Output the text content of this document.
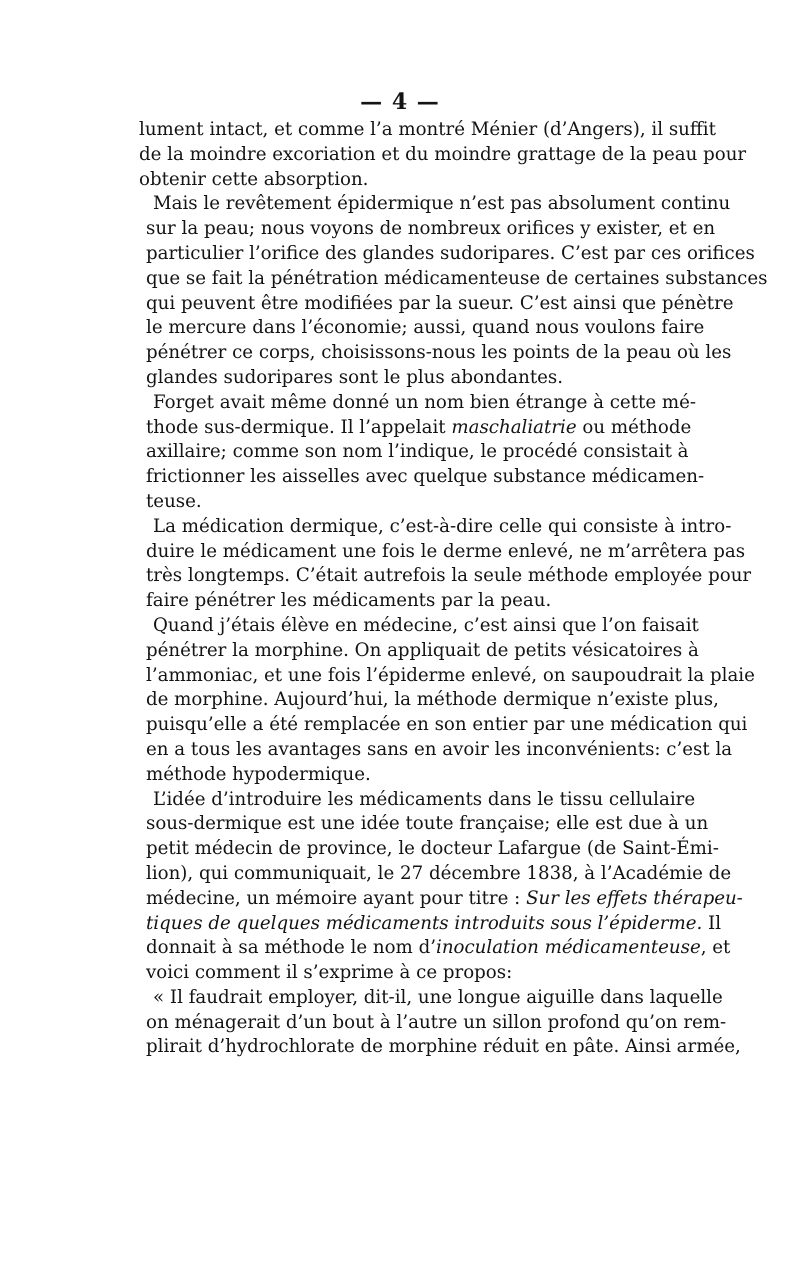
— 4 —
lument intact, et comme l’a montré Ménier (d’Angers), il suffit
de la moindre excoriation et du moindre grattage de la peau pour
obtenir cette absorption.
Mais le revêtement épidermique n’est pas absolument continu
sur la peau; nous voyons de nombreux orifices y exister, et en
particulier l’orifice des glandes sudoripares. C’est par ces orifices
que se fait la pénétration médicamenteuse de certaines substances
qui peuvent être modifiées par la sueur. C’est ainsi que pénètre
le mercure dans l’économie; aussi, quand nous voulons faire
pénétrer ce corps, choisissons-nous les points de la peau où les
glandes sudoripares sont le plus abondantes.
Forget avait même donné un nom bien étrange à cette mé-
thode sus-dermique. Il l’appelait maschaliatrie ou méthode
axillaire; comme son nom l’indique, le procédé consistait à
frictionner les aisselles avec quelque substance médicamen-
teuse.
La médication dermique, c’est-à-dire celle qui consiste à intro-
duire le médicament une fois le derme enlevé, ne m’arrêtera pas
très longtemps. C’était autrefois la seule méthode employée pour
faire pénétrer les médicaments par la peau.
Quand j’étais élève en médecine, c’est ainsi que l’on faisait
pénétrer la morphine. On appliquait de petits vésicatoires à
l’ammoniac, et une fois l’épiderme enlevé, on saupoudrait la plaie
de morphine. Aujourd’hui, la méthode dermique n’existe plus,
puisqu’elle a été remplacée en son entier par une médication qui
en a tous les avantages sans en avoir les inconvénients: c’est la
méthode hypodermique.
L’idée d’introduire les médicaments dans le tissu cellulaire
sous-dermique est une idée toute française; elle est due à un
petit médecin de province, le docteur Lafargue (de Saint-Émi-
lion), qui communiquait, le 27 décembre 1838, à l’Académie de
médecine, un mémoire ayant pour titre : Sur les effets thérapeu-
tiques de quelques médicaments introduits sous l’épiderme. Il
donnait à sa méthode le nom d’inoculation médicamenteuse, et
voici comment il s’exprime à ce propos:
« Il faudrait employer, dit-il, une longue aiguille dans laquelle
on ménagerait d’un bout à l’autre un sillon profond qu’on rem-
plirait d’hydrochlorate de morphine réduit en pâte. Ainsi armée,
